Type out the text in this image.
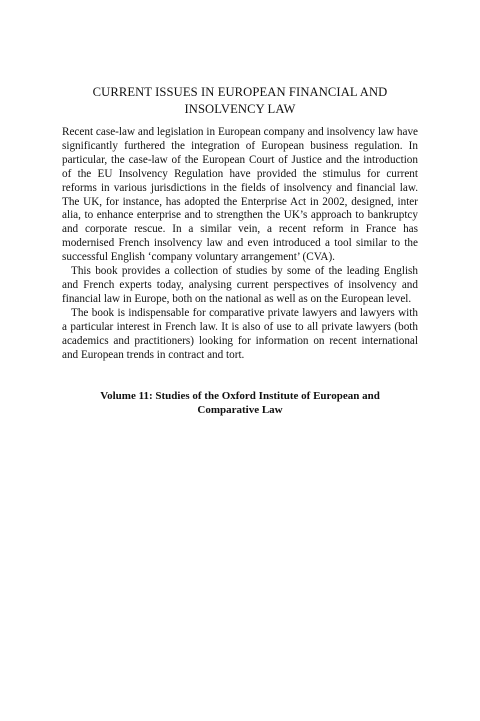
CURRENT ISSUES IN EUROPEAN FINANCIAL AND
INSOLVENCY LAW

Recent case-law and legislation in European company and insolvency law have significantly furthered the integration of European business regulation. In particular, the case-law of the European Court of Justice and the introduction of the EU Insolvency Regulation have provided the stimulus for current reforms in various jurisdictions in the fields of insolvency and financial law. The UK, for instance, has adopted the Enterprise Act in 2002, designed, inter alia, to enhance enterprise and to strengthen the UK’s approach to bankruptcy and corporate rescue. In a similar vein, a recent reform in France has modernised French insolvency law and even introduced a tool similar to the successful English ‘company voluntary arrangement’ (CVA).

This book provides a collection of studies by some of the leading English and French experts today, analysing current perspectives of insolvency and financial law in Europe, both on the national as well as on the European level.

The book is indispensable for comparative private lawyers and lawyers with a particular interest in French law. It is also of use to all private lawyers (both academics and practitioners) looking for information on recent international and European trends in contract and tort.

Volume 11: Studies of the Oxford Institute of European and
Comparative Law
